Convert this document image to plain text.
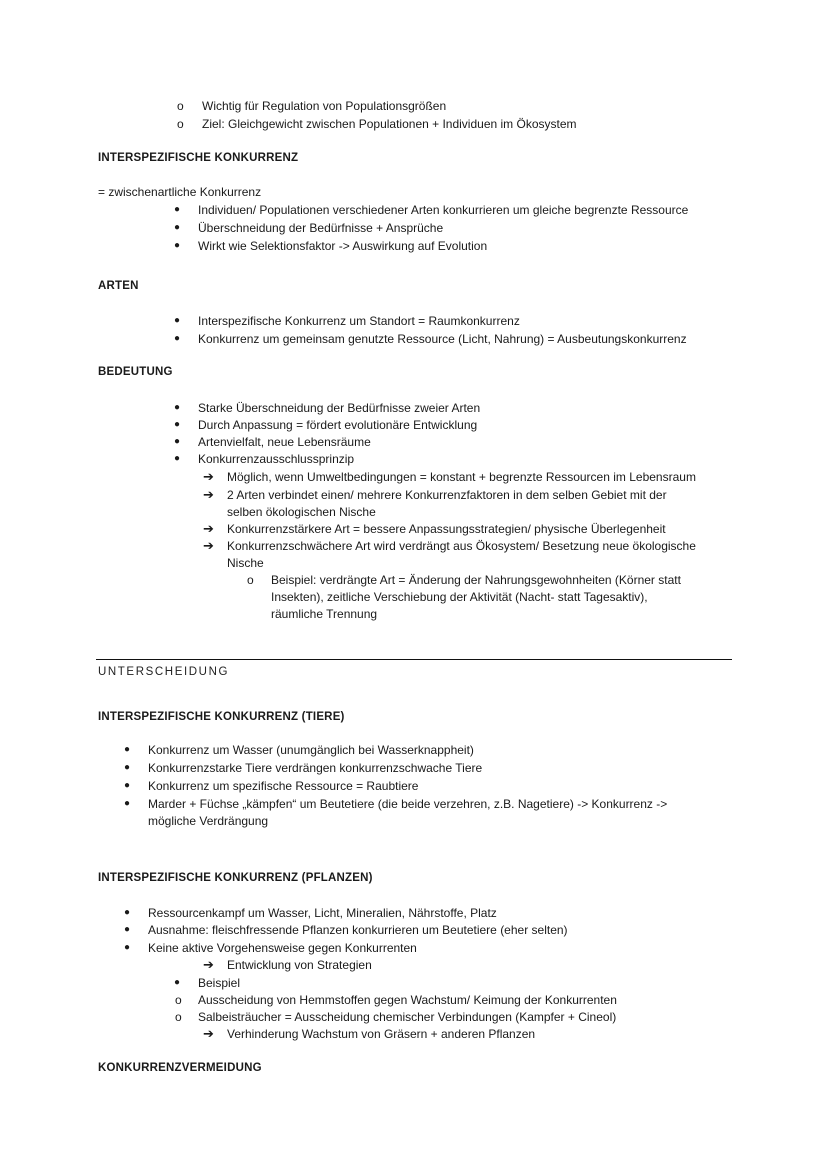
o Wichtig für Regulation von Populationsgrößen
o Ziel: Gleichgewicht zwischen Populationen + Individuen im Ökosystem
INTERSPEZIFISCHE KONKURRENZ
= zwischenartliche Konkurrenz
● Individuen/ Populationen verschiedener Arten konkurrieren um gleiche begrenzte Ressource
● Überschneidung der Bedürfnisse + Ansprüche
● Wirkt wie Selektionsfaktor -> Auswirkung auf Evolution
ARTEN
● Interspezifische Konkurrenz um Standort = Raumkonkurrenz
● Konkurrenz um gemeinsam genutzte Ressource (Licht, Nahrung) = Ausbeutungskonkurrenz
BEDEUTUNG
● Starke Überschneidung der Bedürfnisse zweier Arten
● Durch Anpassung = fördert evolutionäre Entwicklung
● Artenvielfalt, neue Lebensräume
● Konkurrenzausschlussprinzip
➔ Möglich, wenn Umweltbedingungen = konstant + begrenzte Ressourcen im Lebensraum
➔ 2 Arten verbindet einen/ mehrere Konkurrenzfaktoren in dem selben Gebiet mit der
selben ökologischen Nische
➔ Konkurrenzstärkere Art = bessere Anpassungsstrategien/ physische Überlegenheit
➔ Konkurrenzschwächere Art wird verdrängt aus Ökosystem/ Besetzung neue ökologische
Nische
o Beispiel: verdrängte Art = Änderung der Nahrungsgewohnheiten (Körner statt
Insekten), zeitliche Verschiebung der Aktivität (Nacht- statt Tagesaktiv),
räumliche Trennung
UNTERSCHEIDUNG
INTERSPEZIFISCHE KONKURRENZ (TIERE)
● Konkurrenz um Wasser (unumgänglich bei Wasserknappheit)
● Konkurrenzstarke Tiere verdrängen konkurrenzschwache Tiere
● Konkurrenz um spezifische Ressource = Raubtiere
● Marder + Füchse „kämpfen“ um Beutetiere (die beide verzehren, z.B. Nagetiere) -> Konkurrenz ->
mögliche Verdrängung
INTERSPEZIFISCHE KONKURRENZ (PFLANZEN)
● Ressourcenkampf um Wasser, Licht, Mineralien, Nährstoffe, Platz
● Ausnahme: fleischfressende Pflanzen konkurrieren um Beutetiere (eher selten)
● Keine aktive Vorgehensweise gegen Konkurrenten
➔ Entwicklung von Strategien
● Beispiel
o Ausscheidung von Hemmstoffen gegen Wachstum/ Keimung der Konkurrenten
o Salbeisträucher = Ausscheidung chemischer Verbindungen (Kampfer + Cineol)
➔ Verhinderung Wachstum von Gräsern + anderen Pflanzen
KONKURRENZVERMEIDUNG
